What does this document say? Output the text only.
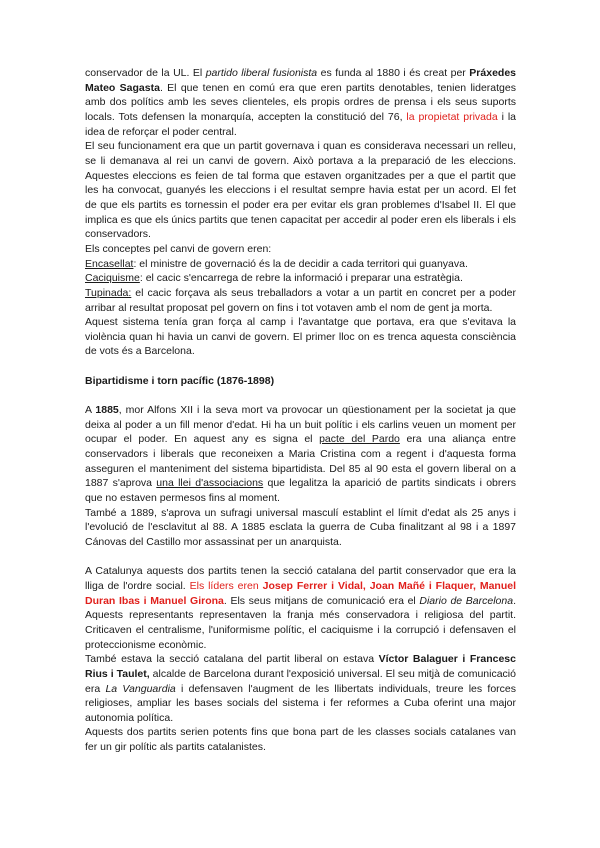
conservador de la UL. El partido liberal fusionista es funda al 1880 i és creat per Práxedes Mateo Sagasta. El que tenen en comú era que eren partits denotables, tenien lideratges amb dos polítics amb les seves clienteles, els propis ordres de prensa i els seus suports locals. Tots defensen la monarquía, accepten la constitució del 76, la propietat privada i la idea de reforçar el poder central.

El seu funcionament era que un partit governava i quan es considerava necessari un relleu, se li demanava al rei un canvi de govern. Això portava a la preparació de les eleccions. Aquestes eleccions es feien de tal forma que estaven organitzades per a que el partit que les ha convocat, guanyés les eleccions i el resultat sempre havia estat per un acord. El fet de que els partits es tornessin el poder era per evitar els gran problemes d'Isabel II. El que implica es que els únics partits que tenen capacitat per accedir al poder eren els liberals i els conservadors.

Els conceptes pel canvi de govern eren:

Encasellat: el ministre de governació és la de decidir a cada territori qui guanyava.

Caciquisme: el cacic s'encarrega de rebre la informació i preparar una estratègia.

Tupinada: el cacic forçava als seus treballadors a votar a un partit en concret per a poder arribar al resultat proposat pel govern on fins i tot votaven amb el nom de gent ja morta.

Aquest sistema tenía gran força al camp i l'avantatge que portava, era que s'evitava la violència quan hi havia un canvi de govern. El primer lloc on es trenca aquesta consciència de vots és a Barcelona.

Bipartidisme i torn pacífic (1876-1898)

A 1885, mor Alfons XII i la seva mort va provocar un qüestionament per la societat ja que deixa al poder a un fill menor d'edat. Hi ha un buit polític i els carlins veuen un moment per ocupar el poder. En aquest any es signa el pacte del Pardo era una aliança entre conservadors i liberals que reconeixen a Maria Cristina com a regent i d'aquesta forma asseguren el manteniment del sistema bipartidista. Del 85 al 90 esta el govern liberal on a 1887 s'aprova una llei d'associacions que legalitza la aparició de partits sindicats i obrers que no estaven permesos fins al moment.

També a 1889, s'aprova un sufragi universal masculí establint el límit d'edat als 25 anys i l'evolució de l'esclavitut al 88. A 1885 esclata la guerra de Cuba finalitzant al 98 i a 1897 Cánovas del Castillo mor assassinat per un anarquista.

A Catalunya aquests dos partits tenen la secció catalana del partit conservador que era la lliga de l'ordre social. Els líders eren Josep Ferrer i Vidal, Joan Mañé i Flaquer, Manuel Duran Ibas i Manuel Girona. Els seus mitjans de comunicació era el Diario de Barcelona. Aquests representants representaven la franja més conservadora i religiosa del partit. Criticaven el centralisme, l'uniformisme polític, el caciquisme i la corrupció i defensaven el proteccionisme econòmic.

També estava la secció catalana del partit liberal on estava Víctor Balaguer i Francesc Rius i Taulet, alcalde de Barcelona durant l'exposició universal. El seu mitjà de comunicació era La Vanguardia i defensaven l'augment de les llibertats individuals, treure les forces religioses, ampliar les bases socials del sistema i fer reformes a Cuba oferint una major autonomia política.

Aquests dos partits serien potents fins que bona part de les classes socials catalanes van fer un gir polític als partits catalanistes.
